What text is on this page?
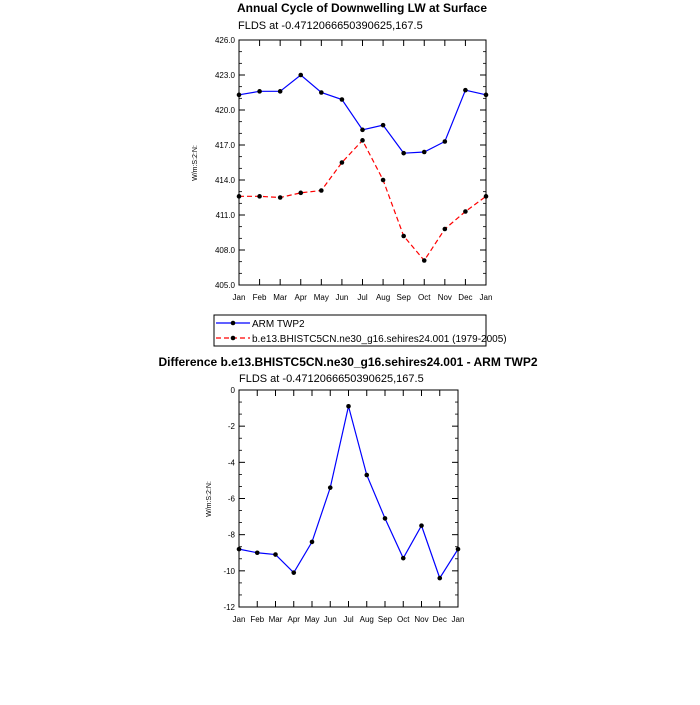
Annual Cycle of Downwelling LW at Surface
FLDS at -0.4712066650390625,167.5
W/m:S:2:N:
405.0
408.0
411.0
414.0
417.0
420.0
423.0
426.0
Jan Feb Mar Apr May Jun Jul Aug Sep Oct Nov Dec Jan
ARM TWP2
b.e13.BHISTC5CN.ne30_g16.sehires24.001 (1979-2005)
Difference b.e13.BHISTC5CN.ne30_g16.sehires24.001 - ARM TWP2
FLDS at -0.4712066650390625,167.5
W/m:S:2:N:
-12
-10
-8
-6
-4
-2
0
Jan Feb Mar Apr May Jun Jul Aug Sep Oct Nov Dec Jan
